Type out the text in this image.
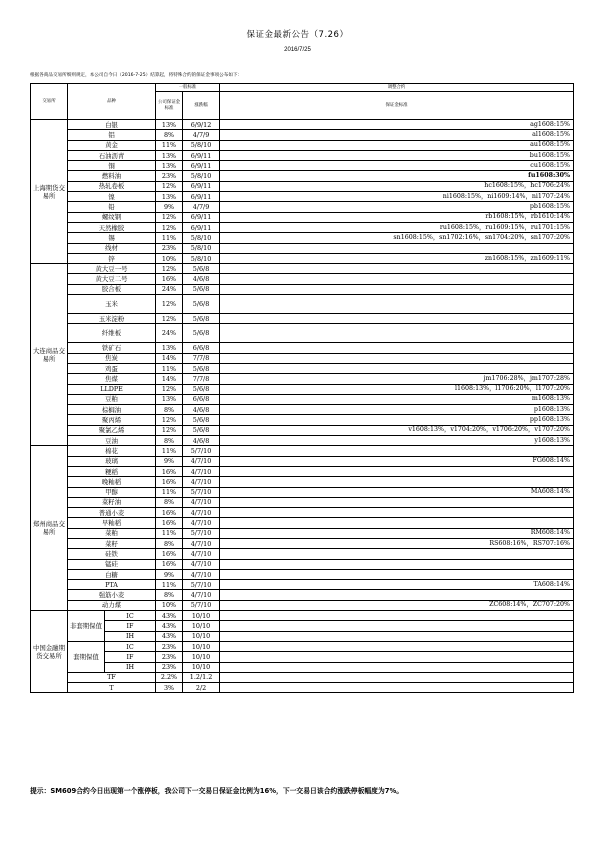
保证金最新公告（7.26）
2016/7/25
根据各商品交易所细则规定，本公司自今日（2016-7-25）结算起，将特殊合约的保证金事项公布如下：
交易所	品种		一般标准		调整合约
			公司保证金标准	涨跌幅	保证金标准
上海期货交易所	白银		13%	6/9/12	ag1608:15%
	铝		8%	4/7/9	al1608:15%
	黄金		11%	5/8/10	au1608:15%
	石油沥青		13%	6/9/11	bu1608:15%
	铜		13%	6/9/11	cu1608:15%
	燃料油		23%	5/8/10	fu1608:30%
	热轧卷板		12%	6/9/11	hc1608:15%，hc1706:24%
	镍		13%	6/9/11	ni1608:15%，ni1609:14%，ni1707:24%
	铅		9%	4/7/9	pb1608:15%
	螺纹钢		12%	6/9/11	rb1608:15%，rb1610:14%
	天然橡胶		12%	6/9/11	ru1608:15%，ru1609:15%，ru1701:15%
	锡		11%	5/8/10	sn1608:15%，sn1702:16%，sn1704:20%，sn1707:20%
	线材		23%	5/8/10	
	锌		10%	5/8/10	zn1608:15%，zn1609:11%
大连商品交易所	黄大豆一号		12%	5/6/8	
	黄大豆二号		16%	4/6/8	
	胶合板		24%	5/6/8	
	玉米		12%	5/6/8	
	玉米淀粉		12%	5/6/8	
	纤维板		24%	5/6/8	
	铁矿石		13%	6/6/8	
	焦炭		14%	7/7/8	
	鸡蛋		11%	5/6/8	
	焦煤		14%	7/7/8	jm1706:28%，jm1707:28%
	LLDPE		12%	5/6/8	l1608:13%，l1706:20%，l1707:20%
	豆粕		13%	6/6/8	m1608:13%
	棕榈油		8%	4/6/8	p1608:13%
	聚丙烯		12%	5/6/8	pp1608:13%
	聚氯乙烯		12%	5/6/8	v1608:13%，v1704:20%，v1706:20%，v1707:20%
	豆油		8%	4/6/8	y1608:13%
郑州商品交易所	棉花		11%	5/7/10	
	玻璃		9%	4/7/10	FG608:14%
	粳稻		16%	4/7/10	
	晚籼稻		16%	4/7/10	
	甲醇		11%	5/7/10	MA608:14%
	菜籽油		8%	4/7/10	
	普通小麦		16%	4/7/10	
	早籼稻		16%	4/7/10	
	菜粕		11%	5/7/10	RM608:14%
	菜籽		8%	4/7/10	RS608:16%，RS707:16%
	硅铁		16%	4/7/10	
	锰硅		16%	4/7/10	
	白糖		9%	4/7/10	
	PTA		11%	5/7/10	TA608:14%
	强筋小麦		8%	4/7/10	
	动力煤		10%	5/7/10	ZC608:14%，ZC707:20%
中国金融期货交易所	非套期保值	IC	43%	10/10	
		IF	43%	10/10	
		IH	43%	10/10	
	套期保值	IC	23%	10/10	
		IF	23%	10/10	
		IH	23%	10/10	
	TF		2.2%	1.2/1.2	
	T		3%	2/2	
提示：SM609合约今日出现第一个涨停板，我公司下一交易日保证金比例为16%，下一交易日该合约涨跌停板幅度为7%。
